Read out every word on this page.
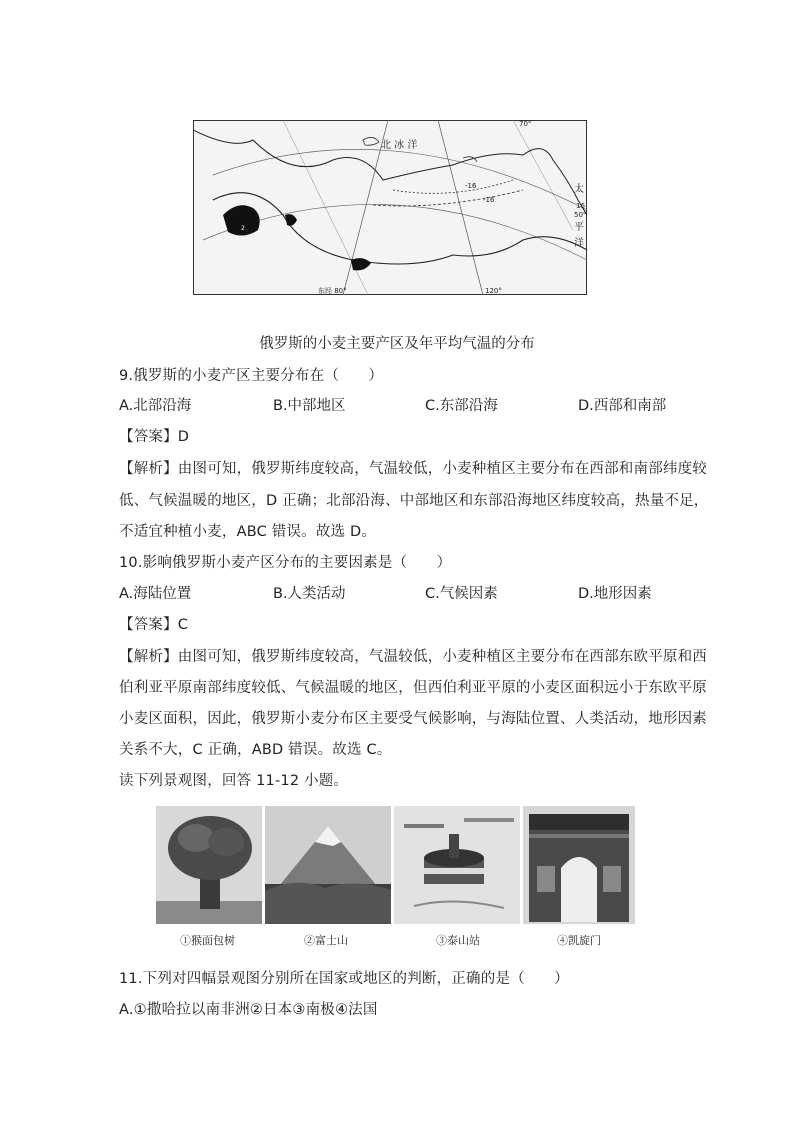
北 冰 洋
70°
16
50°
太
平
洋
-16
-16
2
东经 80°	120°
俄罗斯的小麦主要产区及年平均气温的分布
9.俄罗斯的小麦产区主要分布在（　　）
A.北部沿海	B.中部地区	C.东部沿海	D.西部和南部
【答案】D
【解析】由图可知，俄罗斯纬度较高，气温较低，小麦种植区主要分布在西部和南部纬度较
低、气候温暖的地区，D 正确；北部沿海、中部地区和东部沿海地区纬度较高，热量不足，
不适宜种植小麦，ABC 错误。故选 D。
10.影响俄罗斯小麦产区分布的主要因素是（　　）
A.海陆位置	B.人类活动	C.气候因素	D.地形因素
【答案】C
【解析】由图可知，俄罗斯纬度较高，气温较低，小麦种植区主要分布在西部东欧平原和西
伯利亚平原南部纬度较低、气候温暖的地区，但西伯利亚平原的小麦区面积远小于东欧平原
小麦区面积，因此，俄罗斯小麦分布区主要受气候影响，与海陆位置、人类活动，地形因素
关系不大，C 正确，ABD 错误。故选 C。
读下列景观图，回答 11-12 小题。
①猴面包树	②富士山	③泰山站	④凯旋门
11.下列对四幅景观图分别所在国家或地区的判断，正确的是（　　）
A.①撒哈拉以南非洲②日本③南极④法国
